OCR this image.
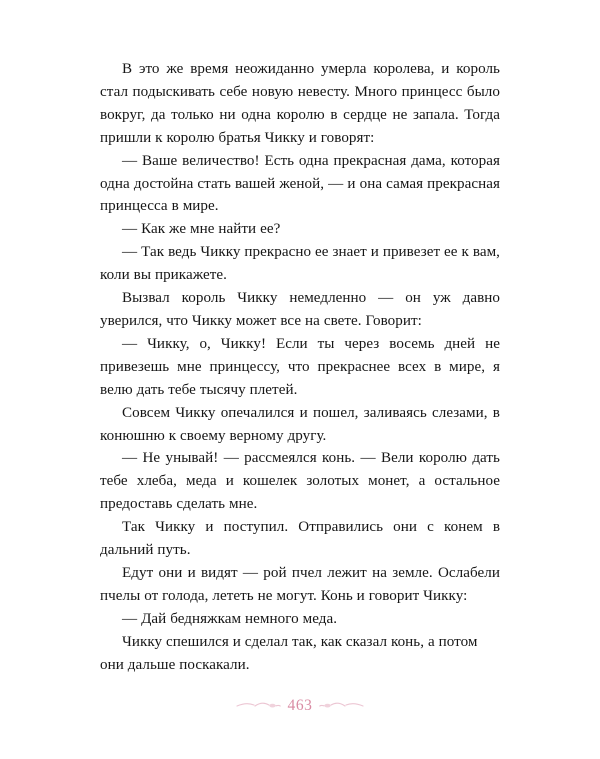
В это же время неожиданно умерла королева, и король стал подыскивать себе новую невесту. Много принцесс было вокруг, да только ни одна королю в сердце не запала. Тогда пришли к королю братья Чикку и говорят:

— Ваше величество! Есть одна прекрасная дама, которая одна достойна стать вашей женой, — и она самая прекрасная принцесса в мире.

— Как же мне найти ее?

— Так ведь Чикку прекрасно ее знает и привезет ее к вам, коли вы прикажете.

Вызвал король Чикку немедленно — он уж давно уверился, что Чикку может все на свете. Говорит:

— Чикку, о, Чикку! Если ты через восемь дней не привезешь мне принцессу, что прекраснее всех в мире, я велю дать тебе тысячу плетей.

Совсем Чикку опечалился и пошел, заливаясь слезами, в конюшню к своему верному другу.

— Не унывай! — рассмеялся конь. — Вели королю дать тебе хлеба, меда и кошелек золотых монет, а остальное предоставь сделать мне.

Так Чикку и поступил. Отправились они с конем в дальний путь.

Едут они и видят — рой пчел лежит на земле. Ослабели пчелы от голода, лететь не могут. Конь и говорит Чикку:

— Дай бедняжкам немного меда.

Чикку спешился и сделал так, как сказал конь, а потом они дальше поскакали.

463
